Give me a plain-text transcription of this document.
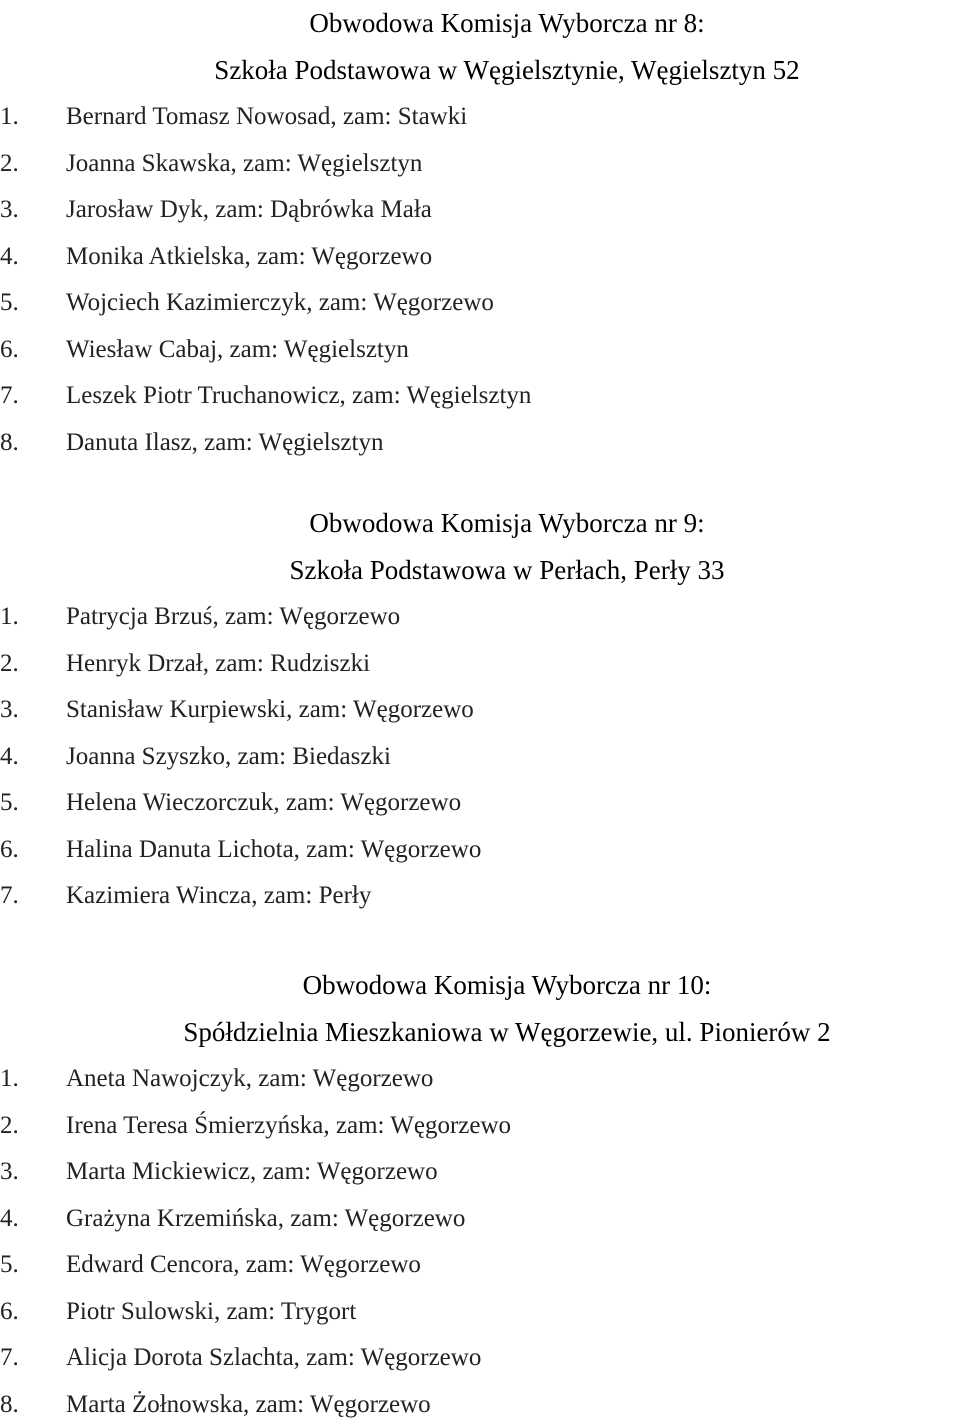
Obwodowa Komisja Wyborcza nr 8:
Szkoła Podstawowa w Węgielsztynie, Węgielsztyn 52
1.	Bernard Tomasz Nowosad, zam: Stawki
2.	Joanna Skawska, zam: Węgielsztyn
3.	Jarosław Dyk, zam: Dąbrówka Mała
4.	Monika Atkielska, zam: Węgorzewo
5.	Wojciech Kazimierczyk, zam: Węgorzewo
6.	Wiesław Cabaj, zam: Węgielsztyn
7.	Leszek Piotr Truchanowicz, zam: Węgielsztyn
8.	Danuta Ilasz, zam: Węgielsztyn
Obwodowa Komisja Wyborcza nr 9:
Szkoła Podstawowa w Perłach, Perły 33
1.	Patrycja Brzuś, zam: Węgorzewo
2.	Henryk Drzał, zam: Rudziszki
3.	Stanisław Kurpiewski, zam: Węgorzewo
4.	Joanna Szyszko, zam: Biedaszki
5.	Helena Wieczorczuk, zam: Węgorzewo
6.	Halina Danuta Lichota, zam: Węgorzewo
7.	Kazimiera Wincza, zam: Perły
Obwodowa Komisja Wyborcza nr 10:
Spółdzielnia Mieszkaniowa w Węgorzewie, ul. Pionierów 2
1.	Aneta Nawojczyk, zam: Węgorzewo
2.	Irena Teresa Śmierzyńska, zam: Węgorzewo
3.	Marta Mickiewicz, zam: Węgorzewo
4.	Grażyna Krzemińska, zam: Węgorzewo
5.	Edward Cencora, zam: Węgorzewo
6.	Piotr Sulowski, zam: Trygort
7.	Alicja Dorota Szlachta, zam: Węgorzewo
8.	Marta Żołnowska, zam: Węgorzewo
